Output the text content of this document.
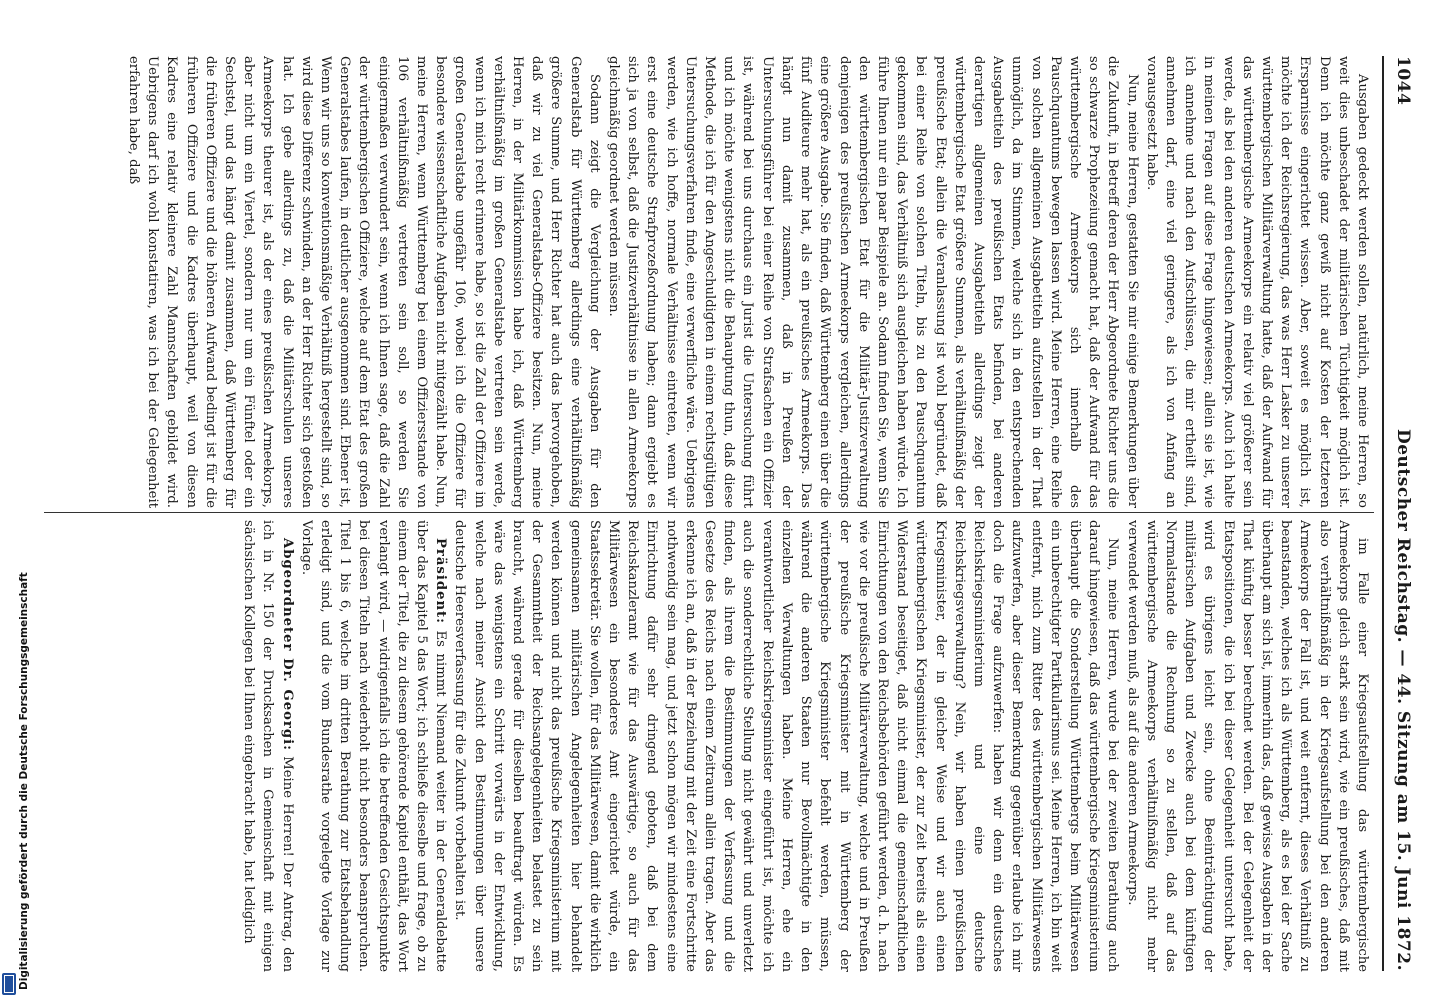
1044
Deutscher Reichstag. — 44. Sitzung am 15. Juni 1872.

Ausgaben gedeckt werden sollen, natürlich, meine Herren, so weit dies unbeschadet der militärischen Tüchtigkeit möglich ist. Denn ich möchte ganz gewiß nicht auf Kosten der letzteren Ersparnisse eingerichtet wissen. Aber, soweit es möglich ist, möchte ich der Reichsregierung, das was Herr Lasker zu unserer württembergischen Militärverwaltung hatte, daß der Aufwand für das württembergische Armeekorps ein relativ viel größerer sein werde, als bei den anderen deutschen Armeekorps. Auch ich halte in meinen Fragen auf diese Frage hingewiesen; allein sie ist, wie ich annehme und nach den Aufschlüssen, die mir ertheilt sind, annehmen darf, eine viel geringere, als ich von Anfang an vorausgesetzt habe.

Nun, meine Herren, gestatten Sie mir einige Bemerkungen über die Zukunft, in Betreff deren der Herr Abgeordnete Richter uns die so schwarze Prophezeiung gemacht hat, daß der Aufwand für das württembergische Armeekorps sich innerhalb des Pauschquantums bewegen lassen wird. Meine Herren, eine Reihe von solchen allgemeinen Ausgabetiteln aufzustellen in der That unmöglich, da im Stimmen, welche sich in den entsprechenden Ausgabetiteln des preußischen Etats befinden, bei anderen derartigen allgemeinen Ausgabetiteln allerdings zeigt der württembergische Etat größere Summen, als verhältnißmäßig der preußische Etat; allein die Veranlassung ist wohl begründet, daß bei einer Reihe von solchen Titeln, bis zu den Pauschquantum gekommen sind, das Verhältniß sich ausgleichen haben würde. Ich führe Ihnen nur ein paar Beispiele an. Sodann finden Sie, wenn Sie den württembergischen Etat für die Militär-Justizverwaltung demjenigen des preußischen Armeekorps vergleichen, allerdings eine größere Ausgabe. Sie finden, daß Württemberg einen über die fünf Auditeure mehr hat, als ein preußisches Armeekorps. Das hängt nun damit zusammen, daß in Preußen der Untersuchungsführer bei einer Reihe von Strafsachen ein Offizier ist, während bei uns durchaus ein Jurist die Untersuchung führt und ich möchte wenigstens nicht die Behauptung thun, daß diese Methode, die ich für den Angeschuldigten in einem rechtsgültigen Untersuchungsverfahren finde, eine verwerfliche wäre. Uebrigens werden, wie ich hoffe, normale Verhältnisse eintreten, wenn wir erst eine deutsche Strafprozeßordnung haben; dann ergiebt es sich ja von selbst, daß die Justizverhältnisse in allen Armeekorps gleichmäßig geordnet werden müssen.

Sodann zeigt die Vergleichung der Ausgaben für den Generalstab für Württemberg allerdings eine verhältnißmäßig größere Summe, und Herr Richter hat auch das hervorgehoben, daß wir zu viel Generalstabs-Offiziere besitzen. Nun, meine Herren, in der Militärkommission habe ich, daß Württemberg verhältnißmäßig im großen Generalstabe vertreten sein werde, wenn ich mich recht erinnere habe, so ist die Zahl der Offiziere im großen Generalstabe ungefähr 106, wobei ich die Offiziere für besondere wissenschaftliche Aufgaben nicht mitgezählt habe. Nun, meine Herren, wenn Württemberg bei einem Offiziersstande von 106 verhältnißmäßig vertreten sein soll, so werden Sie einigermaßen verwundert sein, wenn ich Ihnen sage, daß die Zahl der württembergischen Offiziere, welche auf dem Etat des großen Generalstabes laufen, in deutlicher ausgenommen sind. Ebener ist, Wenn wir uns so konventionsmäßige Verhältniß hergestellt sind, so wird diese Differenz schwinden, an der Herr Richter sich gestoßen hat. Ich gebe allerdings zu, daß die Militärschulen unseres Armeekorps theurer ist, als der eines preußischen Armeekorps, aber nicht um ein Viertel, sondern nur um ein Fünftel oder ein Sechstel, und das hängt damit zusammen, daß Württemberg für die früheren Offiziere und die höheren Aufwand bedingt ist für die früheren Offiziere und die Kadres überhaupt, weil von diesen Kadres eine relativ kleinere Zahl Mannschaften gebildet wird. Uebrigens darf ich wohl konstatiren, was ich bei der Gelegenheit erfahren habe, daß

im Falle einer Kriegsaufstellung das württembergische Armeekorps gleich stark sein wird, wie ein preußisches, daß mit also verhältnißmäßig in der Kriegsaufstellung bei den anderen Armeekorps der Fall ist, und weit entfernt, dieses Verhältniß zu beanstanden, welches ich als Württemberg, als es bei der Sache überhaupt am sich ist, immerhin das, daß gewisse Ausgaben in der That künftig besser berechnet werden. Bei der Gelegenheit der Etatspositionen, die ich bei dieser Gelegenheit untersucht habe, wird es übrigens leicht sein, ohne Beeinträchtigung der militärischen Aufgaben und Zwecke auch bei dem künftigen Normalstande die Rechnung so zu stellen, daß auf das württembergische Armeekorps verhältnißmäßig nicht mehr verwendet werden muß, als auf die anderen Armeekorps.

Nun, meine Herren, wurde bei der zweiten Berathung auch darauf hingewiesen, daß das württembergische Kriegsministerium überhaupt die Sonderstellung Württembergs beim Militärwesen ein unberechtigter Partikularismus sei. Meine Herren, ich bin weit entfernt, mich zum Ritter des württembergischen Militärwesens aufzuwerfen, aber dieser Bemerkung gegenüber erlaube ich mir doch die Frage aufzuwerfen: haben wir denn ein deutsches Reichskriegsministerium und eine deutsche Reichskriegsverwaltung? Nein, wir haben einen preußischen Kriegsminister, der in gleicher Weise und wir auch einen württembergischen Kriegsminister, der zur Zeit bereits als einen Widerstand beseitiget, daß nicht einmal die gemeinschaftlichen Einrichtungen von den Reichsbehörden geführt werden, d. h. nach wie vor die preußische Militärverwaltung, welche und in Preußen der preußische Kriegsminister mit in Württemberg der württembergische Kriegsminister befehlt werden, müssen, während die anderen Staaten nur Bevollmächtigte in den einzelnen Verwaltungen haben. Meine Herren, ehe ein verantwortlicher Reichskriegsminister eingeführt ist, möchte ich auch die sonderrechtliche Stellung nicht gewährt und unverletzt finden, als ihrem die Bestimmungen der Verfassung und die Gesetze des Reichs nach einem Zeitraum allein tragen. Aber das erkenne ich an, daß in der Beziehung mit der Zeit eine Fortschritte nothwendig sein mag, und jetzt schon mögen wir mindestens eine Einrichtung dafür sehr dringend geboten, daß bei dem Reichskanzleramt wie für das Auswärtige, so auch für das Militärwesen ein besonderes Amt eingerichtet würde, ein Staatssekretär. Sie wollen, für das Militärwesen, damit die wirklich gemeinsamen militärischen Angelegenheiten hier behandelt werden können und nicht das preußische Kriegsministerium mit der Gesammtheit der Reichsangelegenheiten belastet zu sein braucht, während gerade für dieselben beauftragt würden. Es wäre das wenigstens ein Schritt vorwärts in der Entwicklung, welche nach meiner Ansicht den Bestimmungen über unsere deutsche Heeresverfassung für die Zukunft vorbehalten ist.

Präsident: Es nimmt Niemand weiter in der Generaldebatte über das Kapitel 5 das Wort; ich schließe dieselbe und frage, ob zu einem der Titel, die zu diesem gehörende Kapitel enthält, das Wort verlangt wird, — widrigenfalls ich die betreffenden Gesichtspunkte bei diesen Titeln nach wiederholt nicht besonders beanspruchen. Titel 1 bis 6, welche im dritten Berathung zur Etatsbehandlung erledigt sind, und die vom Bundesrathe vorgelegte Vorlage zur Vorlage.

Abgeordneter Dr. Georgi: Meine Herren! Der Antrag, den ich in Nr. 150 der Drucksachen in Gemeinschaft mit einigen sächsischen Kollegen bei Ihnen eingebracht habe, hat lediglich

Digitalisierung gefördert durch die Deutsche Forschungsgemeinschaft
